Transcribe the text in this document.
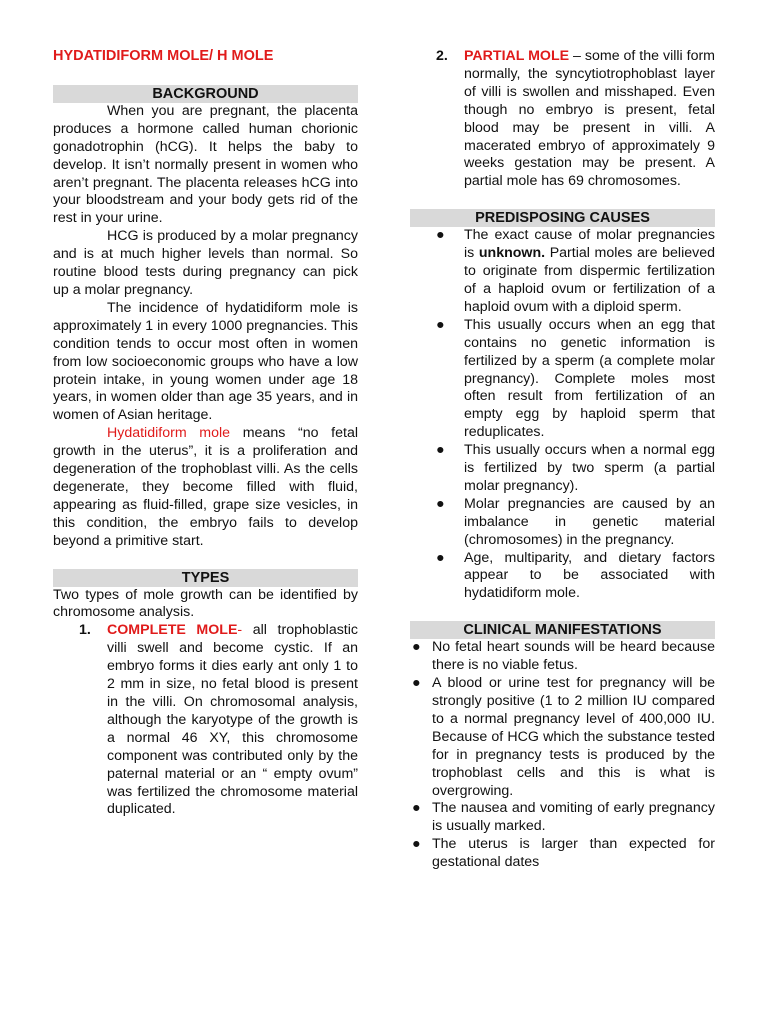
HYDATIDIFORM MOLE/ H MOLE
BACKGROUND

When you are pregnant, the placenta produces a hormone called human chorionic gonadotrophin (hCG). It helps the baby to develop. It isn’t normally present in women who aren’t pregnant. The placenta releases hCG into your bloodstream and your body gets rid of the rest in your urine.

HCG is produced by a molar pregnancy and is at much higher levels than normal. So routine blood tests during pregnancy can pick up a molar pregnancy.

The incidence of hydatidiform mole is approximately 1 in every 1000 pregnancies. This condition tends to occur most often in women from low socioeconomic groups who have a low protein intake, in young women under age 18 years, in women older than age 35 years, and in women of Asian heritage.

Hydatidiform mole means “no fetal growth in the uterus”, it is a proliferation and degeneration of the trophoblast villi. As the cells degenerate, they become filled with fluid, appearing as fluid-filled, grape size vesicles, in this condition, the embryo fails to develop beyond a primitive start.

TYPES

Two types of mole growth can be identified by chromosome analysis.

1. COMPLETE MOLE- all trophoblastic villi swell and become cystic. If an embryo forms it dies early ant only 1 to 2 mm in size, no fetal blood is present in the villi. On chromosomal analysis, although the karyotype of the growth is a normal 46 XY, this chromosome component was contributed only by the paternal material or an “ empty ovum” was fertilized the chromosome material duplicated.
2. PARTIAL MOLE – some of the villi form normally, the syncytiotrophoblast layer of villi is swollen and misshaped. Even though no embryo is present, fetal blood may be present in villi. A macerated embryo of approximately 9 weeks gestation may be present. A partial mole has 69 chromosomes.
PREDISPOSING CAUSES
● The exact cause of molar pregnancies is unknown. Partial moles are believed to originate from dispermic fertilization of a haploid ovum or fertilization of a haploid ovum with a diploid sperm.
● This usually occurs when an egg that contains no genetic information is fertilized by a sperm (a complete molar pregnancy). Complete moles most often result from fertilization of an empty egg by haploid sperm that reduplicates.
● This usually occurs when a normal egg is fertilized by two sperm (a partial molar pregnancy).
● Molar pregnancies are caused by an imbalance in genetic material (chromosomes) in the pregnancy.
● Age, multiparity, and dietary factors appear to be associated with hydatidiform mole.
CLINICAL MANIFESTATIONS
● No fetal heart sounds will be heard because there is no viable fetus.
● A blood or urine test for pregnancy will be strongly positive (1 to 2 million IU compared to a normal pregnancy level of 400,000 IU. Because of HCG which the substance tested for in pregnancy tests is produced by the trophoblast cells and this is what is overgrowing.
● The nausea and vomiting of early pregnancy is usually marked.
● The uterus is larger than expected for gestational dates
